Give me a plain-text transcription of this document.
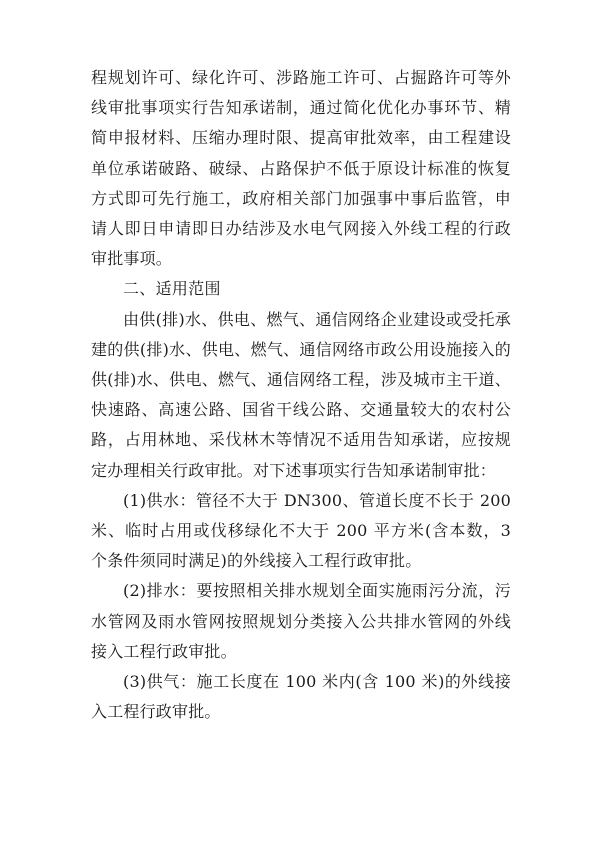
程规划许可、绿化许可、涉路施工许可、占掘路许可等外线审批事项实行告知承诺制，通过简化优化办事环节、精简申报材料、压缩办理时限、提高审批效率，由工程建设单位承诺破路、破绿、占路保护不低于原设计标准的恢复方式即可先行施工，政府相关部门加强事中事后监管，申请人即日申请即日办结涉及水电气网接入外线工程的行政审批事项。

二、适用范围

由供(排)水、供电、燃气、通信网络企业建设或受托承建的供(排)水、供电、燃气、通信网络市政公用设施接入的供(排)水、供电、燃气、通信网络工程，涉及城市主干道、快速路、高速公路、国省干线公路、交通量较大的农村公路，占用林地、采伐林木等情况不适用告知承诺，应按规定办理相关行政审批。对下述事项实行告知承诺制审批：

(1)供水：管径不大于 DN300、管道长度不长于 200 米、临时占用或伐移绿化不大于 200 平方米(含本数，3 个条件须同时满足)的外线接入工程行政审批。

(2)排水：要按照相关排水规划全面实施雨污分流，污水管网及雨水管网按照规划分类接入公共排水管网的外线接入工程行政审批。

(3)供气：施工长度在 100 米内(含 100 米)的外线接入工程行政审批。
